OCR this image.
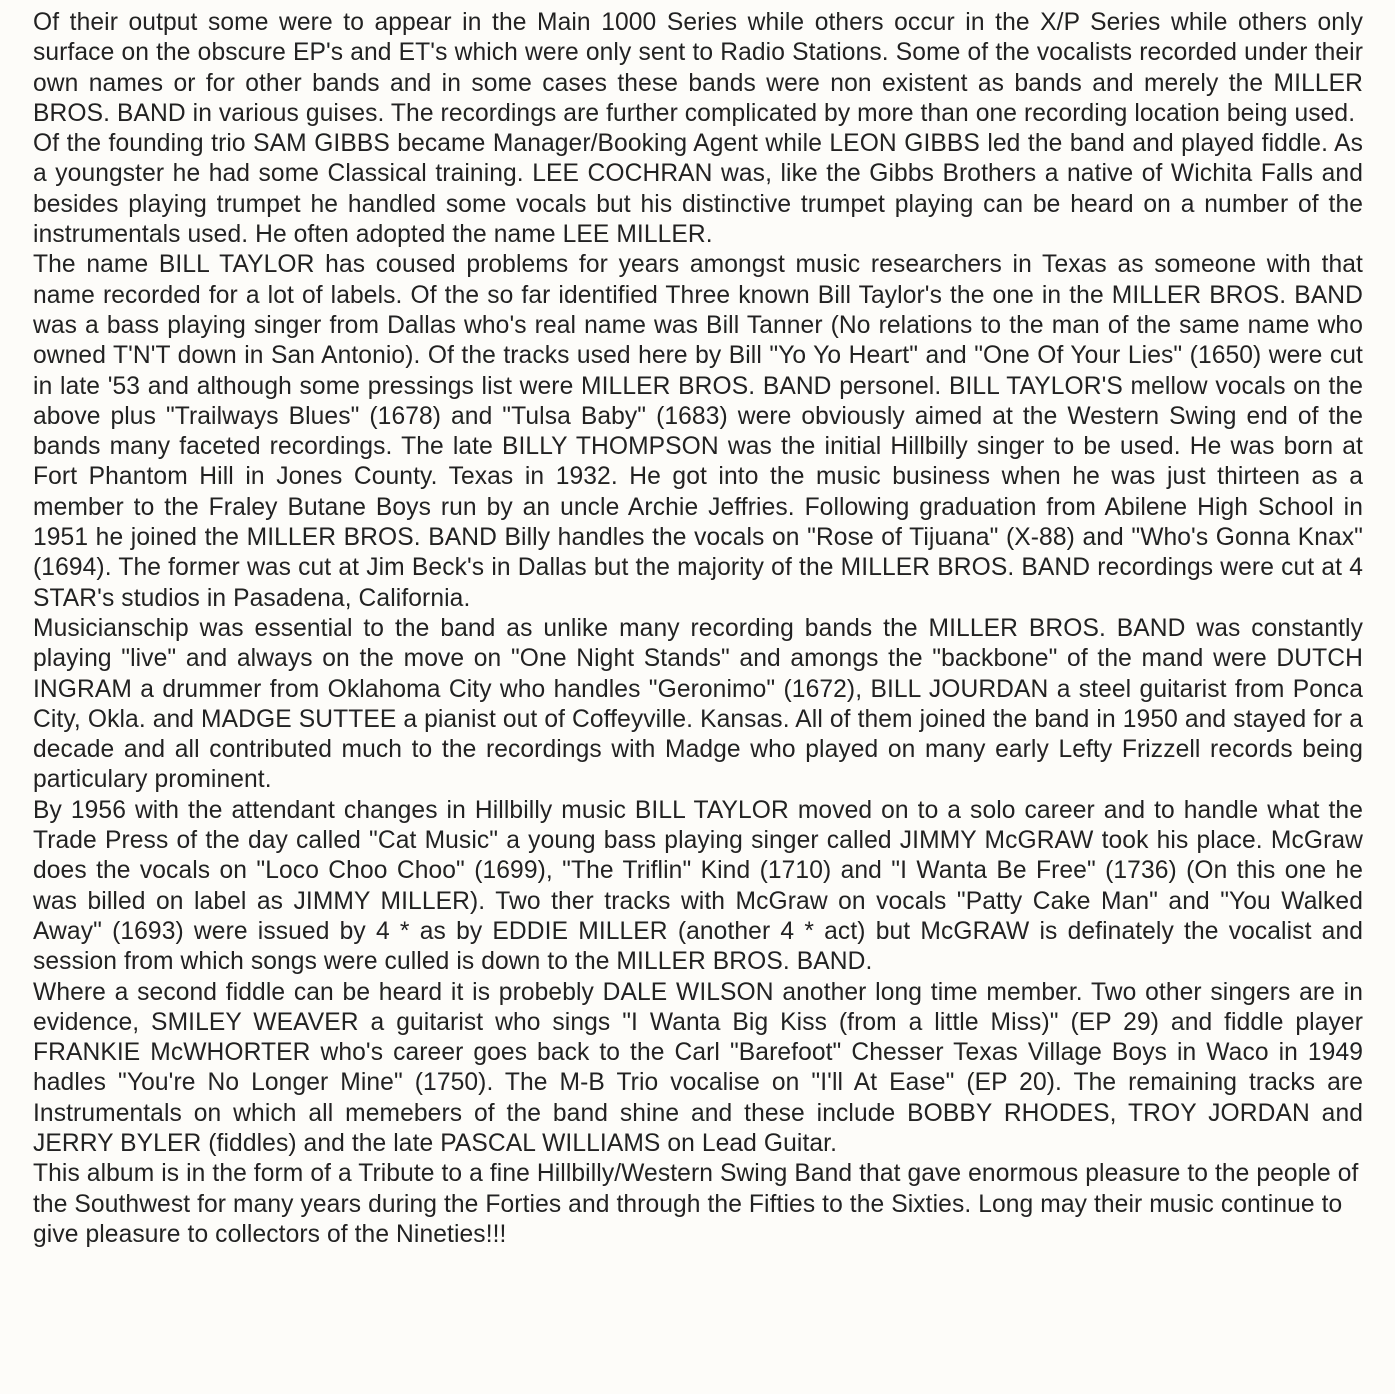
Of their output some were to appear in the Main 1000 Series while others occur in the X/P Series while others only surface on the obscure EP's and ET's which were only sent to Radio Stations. Some of the vocalists recorded under their own names or for other bands and in some cases these bands were non existent as bands and merely the MILLER BROS. BAND in various guises. The recordings are further complicated by more than one recording location being used.

Of the founding trio SAM GIBBS became Manager/Booking Agent while LEON GIBBS led the band and played fiddle. As a youngster he had some Classical training. LEE COCHRAN was, like the Gibbs Brothers a native of Wichita Falls and besides playing trumpet he handled some vocals but his distinctive trumpet playing can be heard on a number of the instrumentals used. He often adopted the name LEE MILLER.

The name BILL TAYLOR has coused problems for years amongst music researchers in Texas as someone with that name recorded for a lot of labels. Of the so far identified Three known Bill Taylor's the one in the MILLER BROS. BAND was a bass playing singer from Dallas who's real name was Bill Tanner (No relations to the man of the same name who owned T'N'T down in San Antonio). Of the tracks used here by Bill "Yo Yo Heart" and "One Of Your Lies" (1650) were cut in late '53 and although some pressings list were MILLER BROS. BAND personel. BILL TAYLOR'S mellow vocals on the above plus "Trailways Blues" (1678) and "Tulsa Baby" (1683) were obviously aimed at the Western Swing end of the bands many faceted recordings. The late BILLY THOMPSON was the initial Hillbilly singer to be used. He was born at Fort Phantom Hill in Jones County. Texas in 1932. He got into the music business when he was just thirteen as a member to the Fraley Butane Boys run by an uncle Archie Jeffries. Following graduation from Abilene High School in 1951 he joined the MILLER BROS. BAND Billy handles the vocals on "Rose of Tijuana" (X-88) and "Who's Gonna Knax" (1694). The former was cut at Jim Beck's in Dallas but the majority of the MILLER BROS. BAND recordings were cut at 4 STAR's studios in Pasadena, California.

Musicianschip was essential to the band as unlike many recording bands the MILLER BROS. BAND was constantly playing "live" and always on the move on "One Night Stands" and amongs the "backbone" of the mand were DUTCH INGRAM a drummer from Oklahoma City who handles "Geronimo" (1672), BILL JOURDAN a steel guitarist from Ponca City, Okla. and MADGE SUTTEE a pianist out of Coffeyville. Kansas. All of them joined the band in 1950 and stayed for a decade and all contributed much to the recordings with Madge who played on many early Lefty Frizzell records being particulary prominent.

By 1956 with the attendant changes in Hillbilly music BILL TAYLOR moved on to a solo career and to handle what the Trade Press of the day called "Cat Music" a young bass playing singer called JIMMY McGRAW took his place. McGraw does the vocals on "Loco Choo Choo" (1699), "The Triflin" Kind (1710) and "I Wanta Be Free" (1736) (On this one he was billed on label as JIMMY MILLER). Two ther tracks with McGraw on vocals "Patty Cake Man" and "You Walked Away" (1693) were issued by 4 * as by EDDIE MILLER (another 4 * act) but McGRAW is definately the vocalist and session from which songs were culled is down to the MILLER BROS. BAND.

Where a second fiddle can be heard it is probebly DALE WILSON another long time member. Two other singers are in evidence, SMILEY WEAVER a guitarist who sings "I Wanta Big Kiss (from a little Miss)" (EP 29) and fiddle player FRANKIE McWHORTER who's career goes back to the Carl "Barefoot" Chesser Texas Village Boys in Waco in 1949 hadles "You're No Longer Mine" (1750). The M-B Trio vocalise on "I'll At Ease" (EP 20). The remaining tracks are Instrumentals on which all memebers of the band shine and these include BOBBY RHODES, TROY JORDAN and JERRY BYLER (fiddles) and the late PASCAL WILLIAMS on Lead Guitar.

This album is in the form of a Tribute to a fine Hillbilly/Western Swing Band that gave enormous pleasure to the people of the Southwest for many years during the Forties and through the Fifties to the Sixties. Long may their music continue to give pleasure to collectors of the Nineties!!!
